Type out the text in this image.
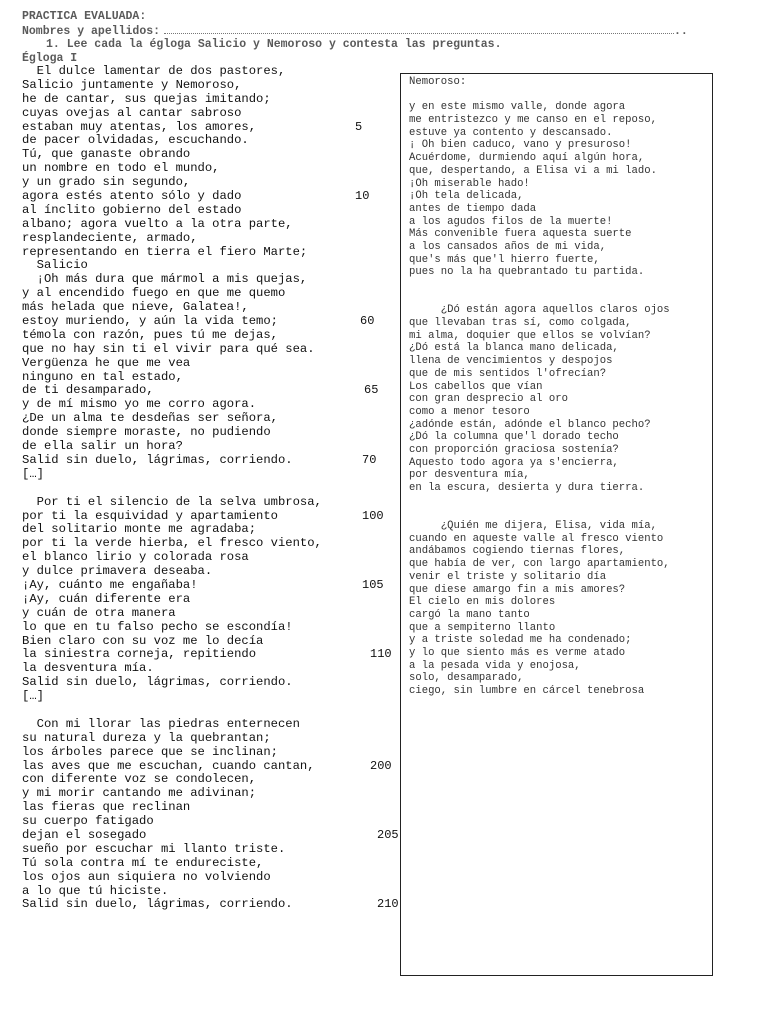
PRACTICA EVALUADA:
Nombres y apellidos:	..
1. Lee cada la égloga Salicio y Nemoroso y contesta las preguntas.
Égloga I
El dulce lamentar de dos pastores,
Salicio juntamente y Nemoroso,
he de cantar, sus quejas imitando;
cuyas ovejas al cantar sabroso
estaban muy atentas, los amores,	5
de pacer olvidadas, escuchando.
Tú, que ganaste obrando
un nombre en todo el mundo,
y un grado sin segundo,
agora estés atento sólo y dado	10
al ínclito gobierno del estado
albano; agora vuelto a la otra parte,
resplandeciente, armado,
representando en tierra el fiero Marte;
Salicio
¡Oh más dura que mármol a mis quejas,
y al encendido fuego en que me quemo
más helada que nieve, Galatea!,
estoy muriendo, y aún la vida temo;	60
témola con razón, pues tú me dejas,
que no hay sin ti el vivir para qué sea.
Vergüenza he que me vea
ninguno en tal estado,
de ti desamparado,	65
y de mí mismo yo me corro agora.
¿De un alma te desdeñas ser señora,
donde siempre moraste, no pudiendo
de ella salir un hora?
Salid sin duelo, lágrimas, corriendo.	70
[…]
Por ti el silencio de la selva umbrosa,
por ti la esquividad y apartamiento	100
del solitario monte me agradaba;
por ti la verde hierba, el fresco viento,
el blanco lirio y colorada rosa
y dulce primavera deseaba.
¡Ay, cuánto me engañaba!	105
¡Ay, cuán diferente era
y cuán de otra manera
lo que en tu falso pecho se escondía!
Bien claro con su voz me lo decía
la siniestra corneja, repitiendo	110
la desventura mía.
Salid sin duelo, lágrimas, corriendo.
[…]
Con mi llorar las piedras enternecen
su natural dureza y la quebrantan;
los árboles parece que se inclinan;
las aves que me escuchan, cuando cantan,	200
con diferente voz se condolecen,
y mi morir cantando me adivinan;
las fieras que reclinan
su cuerpo fatigado
dejan el sosegado	205
sueño por escuchar mi llanto triste.
Tú sola contra mí te endureciste,
los ojos aun siquiera no volviendo
a lo que tú hiciste.
Salid sin duelo, lágrimas, corriendo.	210
Nemoroso:
y en este mismo valle, donde agora
me entristezco y me canso en el reposo,
estuve ya contento y descansado.
¡ Oh bien caduco, vano y presuroso!
Acuérdome, durmiendo aquí algún hora,
que, despertando, a Elisa vi a mi lado.
¡Oh miserable hado!
¡Oh tela delicada,
antes de tiempo dada
a los agudos filos de la muerte!
Más convenible fuera aquesta suerte
a los cansados años de mi vida,
que's más que'l hierro fuerte,
pues no la ha quebrantado tu partida.
¿Dó están agora aquellos claros ojos
que llevaban tras sí, como colgada,
mi alma, doquier que ellos se volvían?
¿Dó está la blanca mano delicada,
llena de vencimientos y despojos
que de mis sentidos l'ofrecían?
Los cabellos que vían
con gran desprecio al oro
como a menor tesoro
¿adónde están, adónde el blanco pecho?
¿Dó la columna que'l dorado techo
con proporción graciosa sostenía?
Aquesto todo agora ya s'encierra,
por desventura mía,
en la escura, desierta y dura tierra.
¿Quién me dijera, Elisa, vida mía,
cuando en aqueste valle al fresco viento
andábamos cogiendo tiernas flores,
que había de ver, con largo apartamiento,
venir el triste y solitario día
que diese amargo fin a mis amores?
El cielo en mis dolores
cargó la mano tanto
que a sempiterno llanto
y a triste soledad me ha condenado;
y lo que siento más es verme atado
a la pesada vida y enojosa,
solo, desamparado,
ciego, sin lumbre en cárcel tenebrosa
